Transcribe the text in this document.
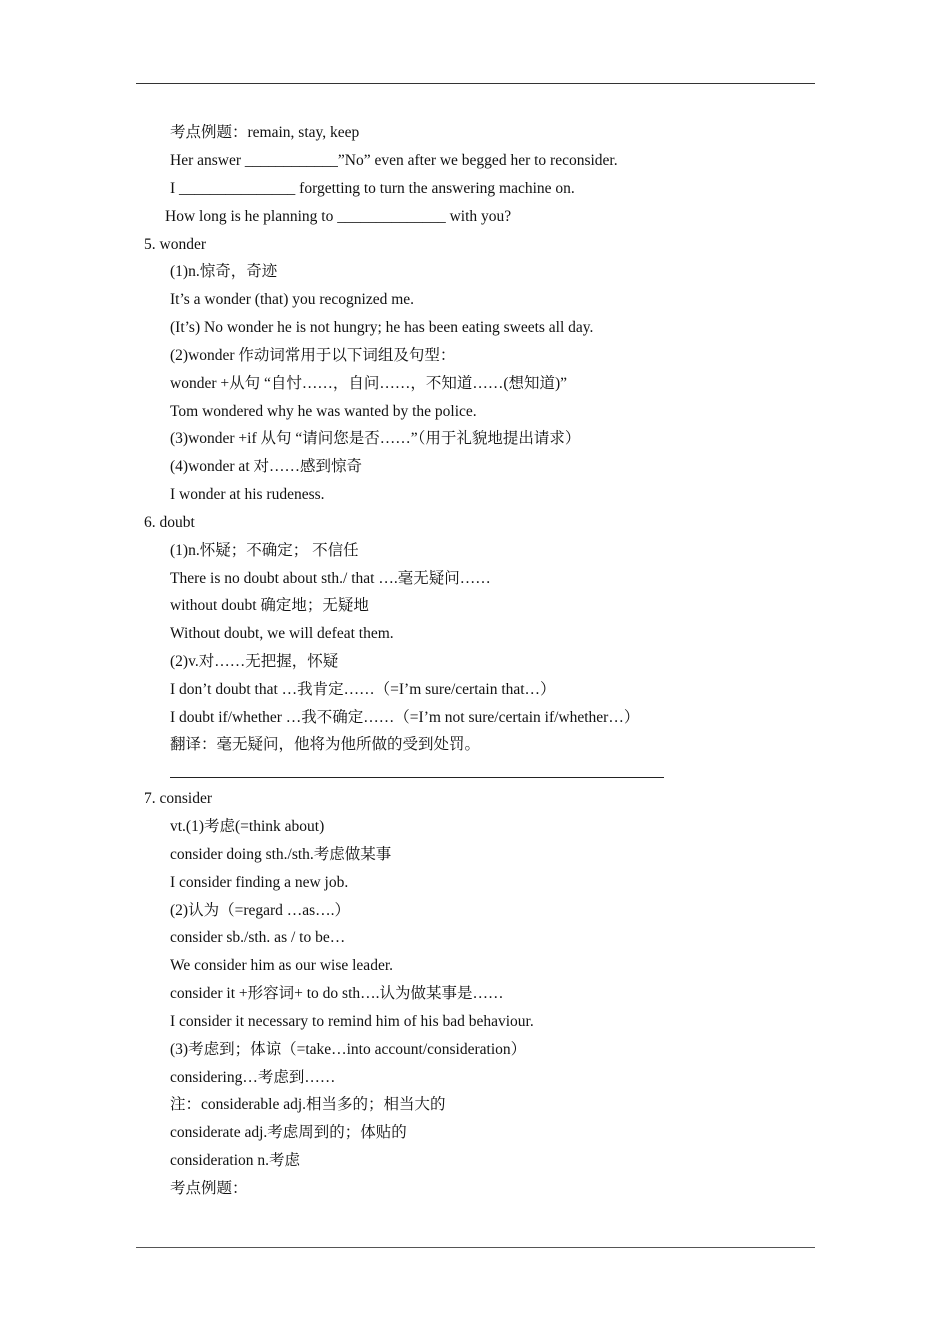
考点例题：remain, stay, keep
Her answer ____________”No” even after we begged her to reconsider.
I _______________ forgetting to turn the answering machine on.
How long is he planning to ______________ with you?
5. wonder
(1)n.惊奇，奇迹
It’s a wonder (that) you recognized me.
(It’s) No wonder he is not hungry; he has been eating sweets all day.
(2)wonder 作动词常用于以下词组及句型：
wonder +从句 “自忖……，自问……，不知道……(想知道)”
Tom wondered why he was wanted by the police.
(3)wonder +if 从句 “请问您是否……”（用于礼貌地提出请求）
(4)wonder at 对……感到惊奇
I wonder at his rudeness.
6. doubt
(1)n.怀疑；不确定； 不信任
There is no doubt about sth./ that ….毫无疑问……
without doubt 确定地；无疑地
Without doubt, we will defeat them.
(2)v.对……无把握，怀疑
I don’t doubt that …我肯定……（=I’m sure/certain that…）
I doubt if/whether …我不确定……（=I’m not sure/certain if/whether…）
翻译：毫无疑问，他将为他所做的受到处罚。
7. consider
vt.(1)考虑(=think about)
consider doing sth./sth.考虑做某事
I consider finding a new job.
(2)认为（=regard …as….）
consider sb./sth. as / to be…
We consider him as our wise leader.
consider it +形容词+ to do sth….认为做某事是……
I consider it necessary to remind him of his bad behaviour.
(3)考虑到；体谅（=take…into account/consideration）
considering…考虑到……
注：considerable adj.相当多的；相当大的
considerate adj.考虑周到的；体贴的
consideration n.考虑
考点例题：
